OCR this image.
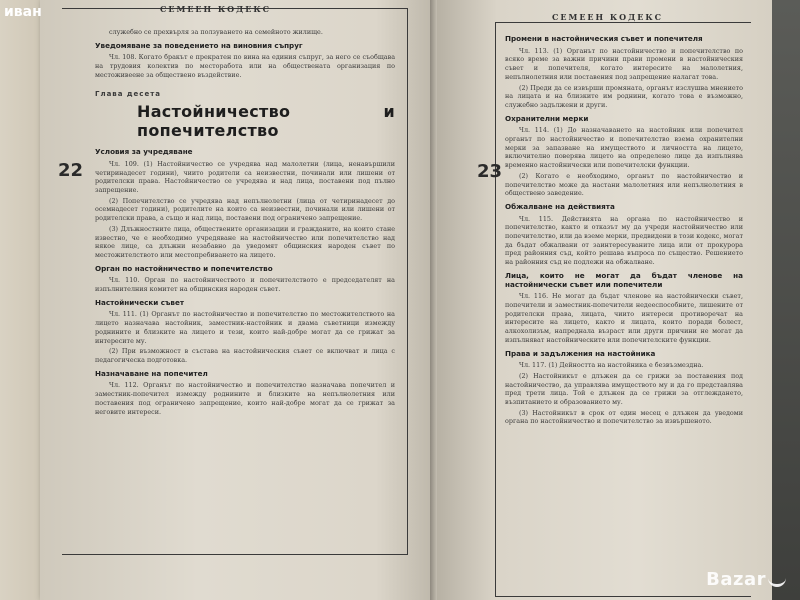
СЕМЕЕН КОДЕКС
22
служебно се прехвърля за ползуването на семейното жилище.
Уведомяване за поведението на виновния съпруг
Чл. 108. Когато бракът е прекратен по вина на единия съпруг, за него се съобщава на трудовия колектив по месторабота или на обществената организация по местоживеене за обществено въздействие.
Глава десета
Настойничество и попечителство
Условия за учредяване
Чл. 109. (1) Настойничество се учредява над малолетни (лица, ненавършили четиринадесет години), чиито родители са неизвестни, починали или лишени от родителски права. Настойничество се учредява и над лица, поставени под пълно запрещение.
(2) Попечителство се учредява над непълнолетни (лица от четиринадесет до осемнадесет години), родителите на които са неизвестни, починали или лишени от родителски права, а също и над лица, поставени под ограничено запрещение.
(3) Длъжностните лица, обществените организации и гражданите, на които стане известно, че е необходимо учредяване на настойничество или попечителство над някое лице, са длъжни незабавно да уведомят общинския народен съвет по местожителството или местопребиването на лицето.
Орган по настойничество и попечителство
Чл. 110. Орган по настойничеството и попечителството е председателят на изпълнителния комитет на общинския народен съвет.
Настойнически съвет
Чл. 111. (1) Органът по настойничество и попечителство по местожителството на лицето назначава настойник, заместник-настойник и двама съветници измежду роднините и близките на лицето и тези, които най-добре могат да се грижат за интересите му.
(2) При възможност в състава на настойническия съвет се включват и лица с педагогическа подготовка.
Назначаване на попечител
Чл. 112. Органът по настойничество и попечителство назначава попечител и заместник-попечител измежду роднините и близките на непълнолетния или поставения под ограничено запрещение, които най-добре могат да се грижат за неговите интереси.
СЕМЕЕН КОДЕКС
23
Промени в настойническия съвет и попечителя
Чл. 113. (1) Органът по настойничество и попечителство по всяко време за важни причини прави промени в настойническия съвет и попечителя, когато интересите на малолетния, непълнолетния или поставения под запрещение налагат това.
(2) Преди да се извърши промяната, органът изслушва мнението на лицата и на близките им роднини, когато това е възможно, служебно задължени и други.
Охранителни мерки
Чл. 114. (1) До назначаването на настойник или попечител органът по настойничество и попечителство взема охранителни мерки за запазване на имуществото и личността на лицето, включително поверява лицето на определено лице да изпълнява временно настойнически или попечителски функции.
(2) Когато е необходимо, органът по настойничество и попечителство може да настани малолетния или непълнолетния в обществено заведение.
Обжалване на действията
Чл. 115. Действията на органа по настойничество и попечителство, както и отказът му да учреди настойничество или попечителство, или да вземе мерки, предвидени в този кодекс, могат да бъдат обжалвани от заинтересуваните лица или от прокурора пред районния съд, който решава въпроса по същество. Решението на районния съд не подлежи на обжалване.
Лица, които не могат да бъдат членове на настойнически съвет или попечители
Чл. 116. Не могат да бъдат членове на настойнически съвет, попечители и заместник-попечители недееспособните, лишените от родителски права, лицата, чиито интереси противоречат на интересите на лицето, както и лицата, които поради болест, алкохолизъм, напреднала възраст или други причини не могат да изпълняват настойническите или попечителските функции.
Права и задължения на настойника
Чл. 117. (1) Дейността на настойника е безвъзмездна.
(2) Настойникът е длъжен да се грижи за поставения под настойничество, да управлява имуществото му и да го представлява пред трети лица. Той е длъжен да се грижи за отглеждането, възпитанието и образованието му.
(3) Настойникът в срок от един месец е длъжен да уведоми органа по настойничество и попечителство за извършеното.
иван
Bazar
